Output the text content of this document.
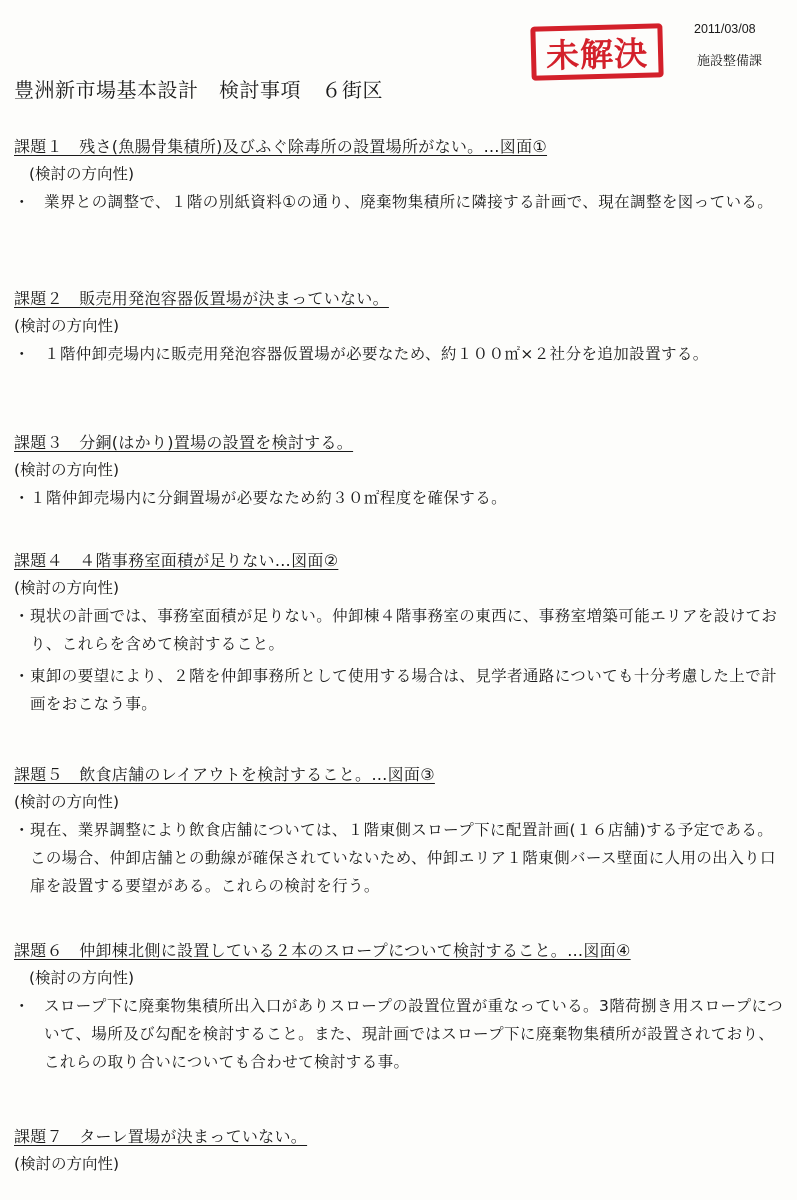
2011/03/08
施設整備課
未解決
豊洲新市場基本設計　検討事項　６街区

課題１　残さ(魚腸骨集積所)及びふぐ除毒所の設置場所がない。…図面①

(検討の方向性)

・ 業界との調整で、１階の別紙資料①の通り、廃棄物集積所に隣接する計画で、現在調整を図っている。

課題２　販売用発泡容器仮置場が決まっていない。

(検討の方向性)

・ １階仲卸売場内に販売用発泡容器仮置場が必要なため、約１００㎡×２社分を追加設置する。

課題３　分銅(はかり)置場の設置を検討する。

(検討の方向性)

・１階仲卸売場内に分銅置場が必要なため約３０㎡程度を確保する。

課題４　４階事務室面積が足りない…図面②

(検討の方向性)

・現状の計画では、事務室面積が足りない。仲卸棟４階事務室の東西に、事務室増築可能エリアを設けており、これらを含めて検討すること。

・東卸の要望により、２階を仲卸事務所として使用する場合は、見学者通路についても十分考慮した上で計画をおこなう事。

課題５　飲食店舗のレイアウトを検討すること。…図面③

(検討の方向性)

・現在、業界調整により飲食店舗については、１階東側スロープ下に配置計画(１６店舗)する予定である。この場合、仲卸店舗との動線が確保されていないため、仲卸エリア１階東側バース壁面に人用の出入り口扉を設置する要望がある。これらの検討を行う。

課題６　仲卸棟北側に設置している２本のスロープについて検討すること。…図面④

(検討の方向性)

・ スロープ下に廃棄物集積所出入口がありスロープの設置位置が重なっている。3階荷捌き用スロープについて、場所及び勾配を検討すること。また、現計画ではスロープ下に廃棄物集積所が設置されており、これらの取り合いについても合わせて検討する事。

課題７　ターレ置場が決まっていない。

(検討の方向性)
